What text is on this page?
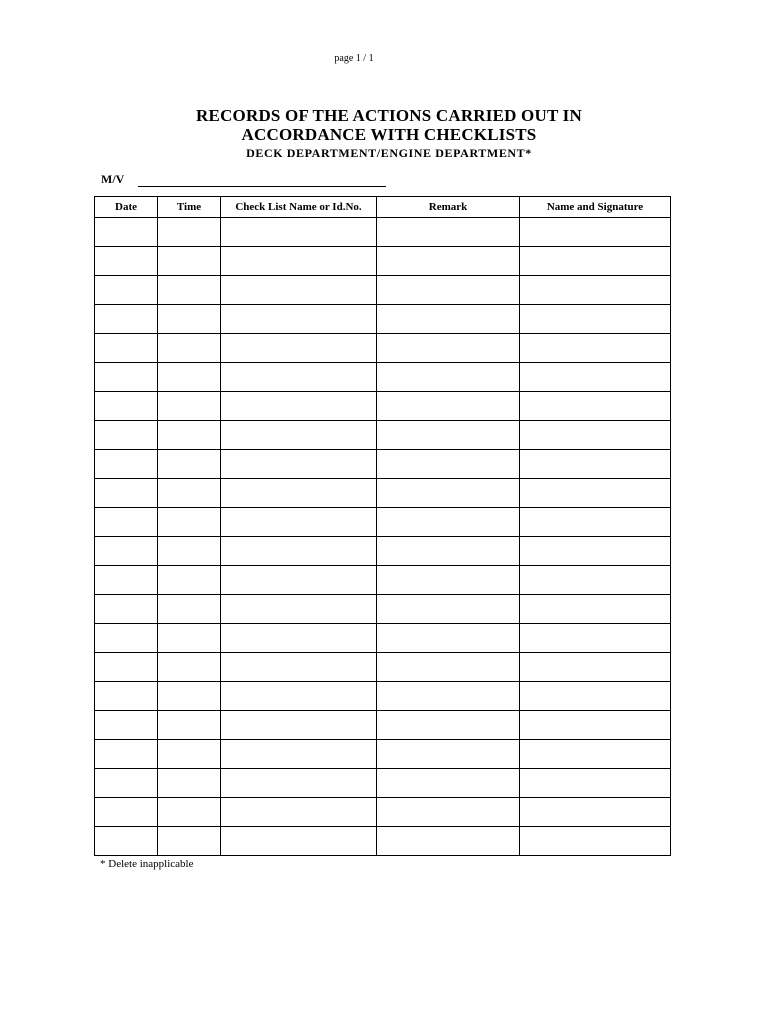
page 1 / 1
RECORDS OF THE ACTIONS CARRIED OUT IN
ACCORDANCE WITH CHECKLISTS
DECK DEPARTMENT/ENGINE DEPARTMENT*
M/V
Date	Time	Check List Name or Id.No.	Remark	Name and Signature

* Delete inapplicable
